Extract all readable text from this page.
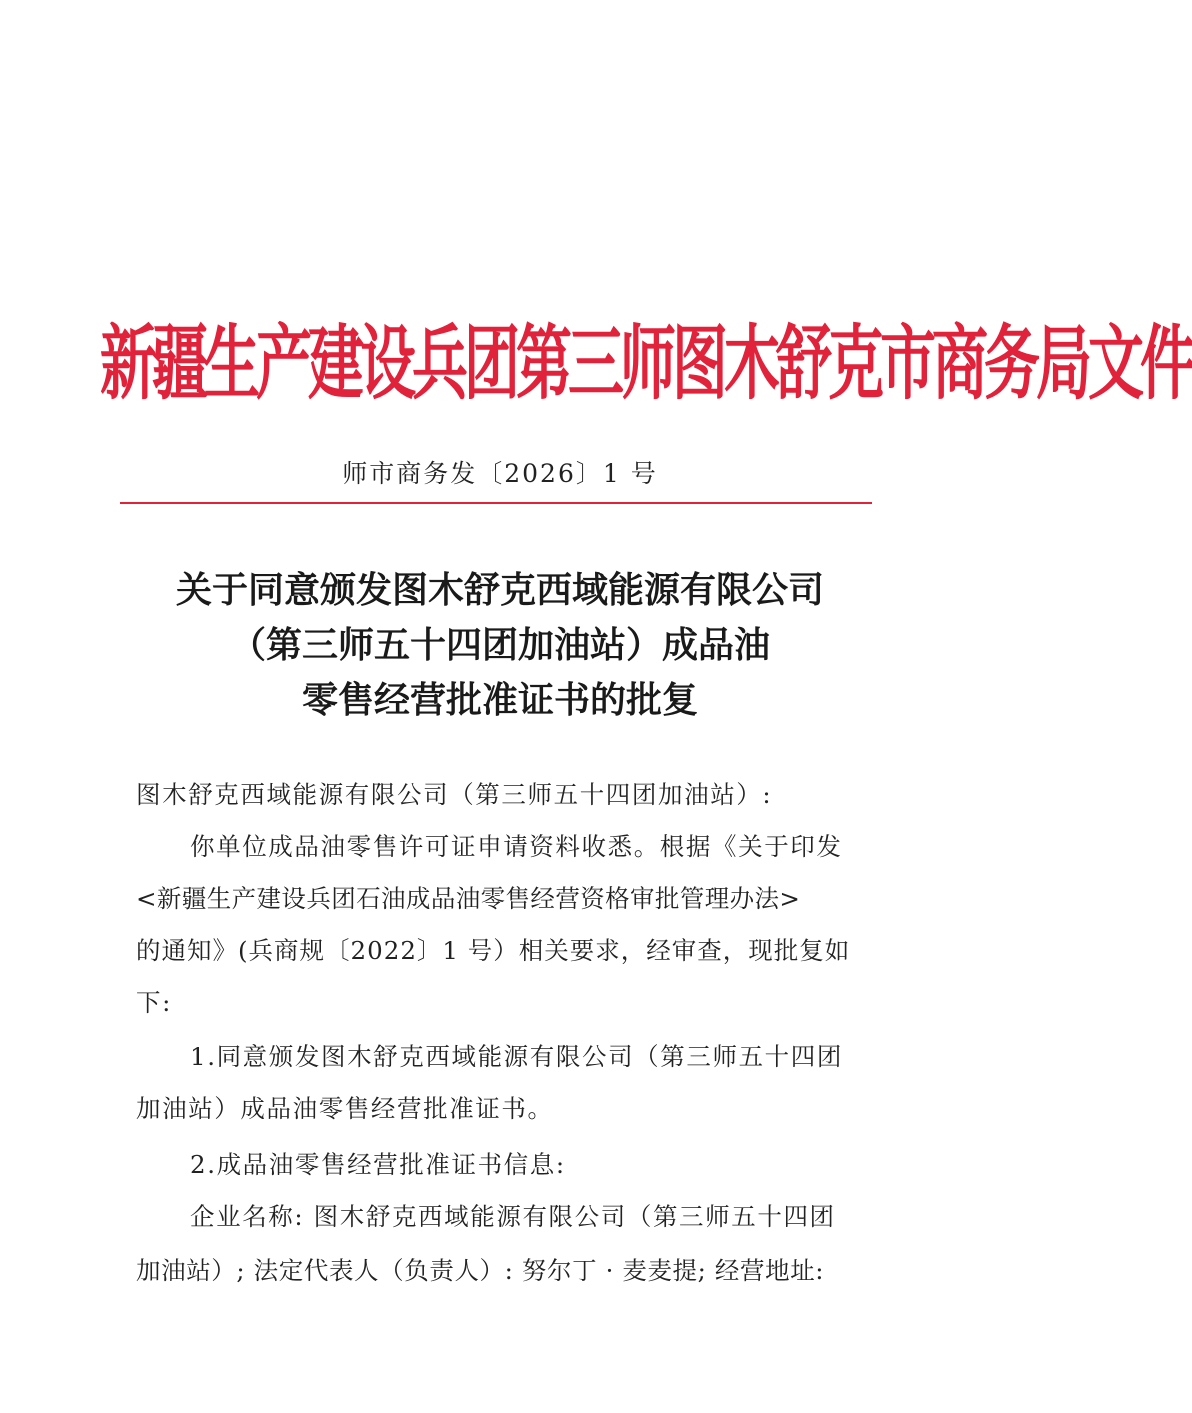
新疆生产建设兵团第三师图木舒克市商务局文件
师市商务发〔2026〕1 号
关于同意颁发图木舒克西域能源有限公司
（第三师五十四团加油站）成品油
零售经营批准证书的批复
图木舒克西域能源有限公司（第三师五十四团加油站）:
你单位成品油零售许可证申请资料收悉。根据《关于印发
<新疆生产建设兵团石油成品油零售经营资格审批管理办法>
的通知》(兵商规〔2022〕1 号）相关要求，经审查，现批复如
下:
1.同意颁发图木舒克西域能源有限公司（第三师五十四团
加油站）成品油零售经营批准证书。
2.成品油零售经营批准证书信息:
企业名称: 图木舒克西域能源有限公司（第三师五十四团
加油站）; 法定代表人（负责人）: 努尔丁 · 麦麦提; 经营地址:
